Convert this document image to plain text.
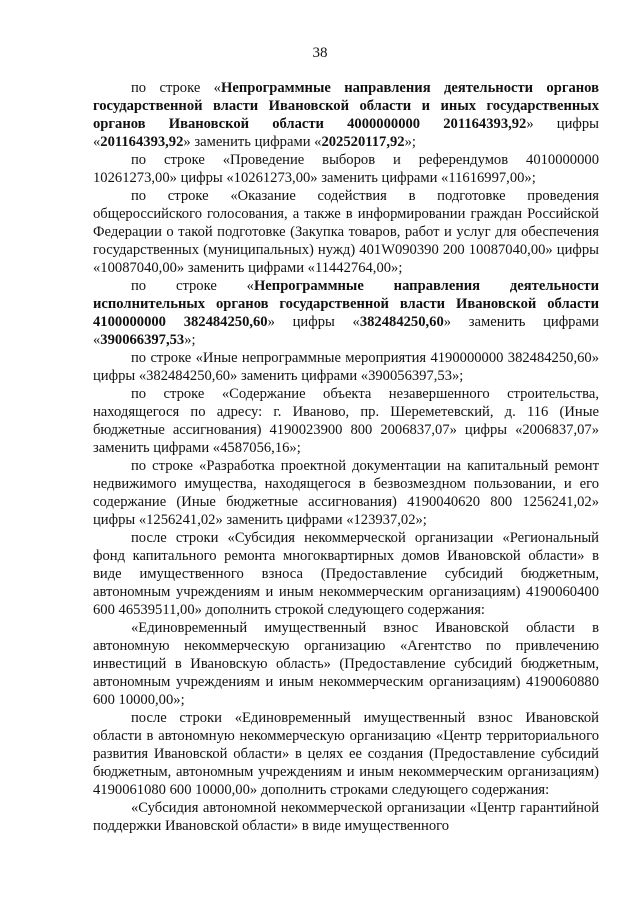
38

по строке «Непрограммные направления деятельности органов государственной власти Ивановской области и иных государственных органов Ивановской области 4000000000 201164393,92» цифры «201164393,92» заменить цифрами «202520117,92»;

по строке «Проведение выборов и референдумов 4010000000 10261273,00» цифры «10261273,00» заменить цифрами «11616997,00»;

по строке «Оказание содействия в подготовке проведения общероссийского голосования, а также в информировании граждан Российской Федерации о такой подготовке (Закупка товаров, работ и услуг для обеспечения государственных (муниципальных) нужд) 401W090390 200 10087040,00» цифры «10087040,00» заменить цифрами «11442764,00»;

по строке «Непрограммные направления деятельности исполнительных органов государственной власти Ивановской области 4100000000 382484250,60» цифры «382484250,60» заменить цифрами «390066397,53»;

по строке «Иные непрограммные мероприятия 4190000000 382484250,60» цифры «382484250,60» заменить цифрами «390056397,53»;

по строке «Содержание объекта незавершенного строительства, находящегося по адресу: г. Иваново, пр. Шереметевский, д. 116 (Иные бюджетные ассигнования) 4190023900 800 2006837,07» цифры «2006837,07» заменить цифрами «4587056,16»;

по строке «Разработка проектной документации на капитальный ремонт недвижимого имущества, находящегося в безвозмездном пользовании, и его содержание (Иные бюджетные ассигнования) 4190040620 800 1256241,02» цифры «1256241,02» заменить цифрами «123937,02»;

после строки «Субсидия некоммерческой организации «Региональный фонд капитального ремонта многоквартирных домов Ивановской области» в виде имущественного взноса (Предоставление субсидий бюджетным, автономным учреждениям и иным некоммерческим организациям) 4190060400 600 46539511,00» дополнить строкой следующего содержания:

«Единовременный имущественный взнос Ивановской области в автономную некоммерческую организацию «Агентство по привлечению инвестиций в Ивановскую область» (Предоставление субсидий бюджетным, автономным учреждениям и иным некоммерческим организациям) 4190060880 600 10000,00»;

после строки «Единовременный имущественный взнос Ивановской области в автономную некоммерческую организацию «Центр территориального развития Ивановской области» в целях ее создания (Предоставление субсидий бюджетным, автономным учреждениям и иным некоммерческим организациям) 4190061080 600 10000,00» дополнить строками следующего содержания:

«Субсидия автономной некоммерческой организации «Центр гарантийной поддержки Ивановской области» в виде имущественного
